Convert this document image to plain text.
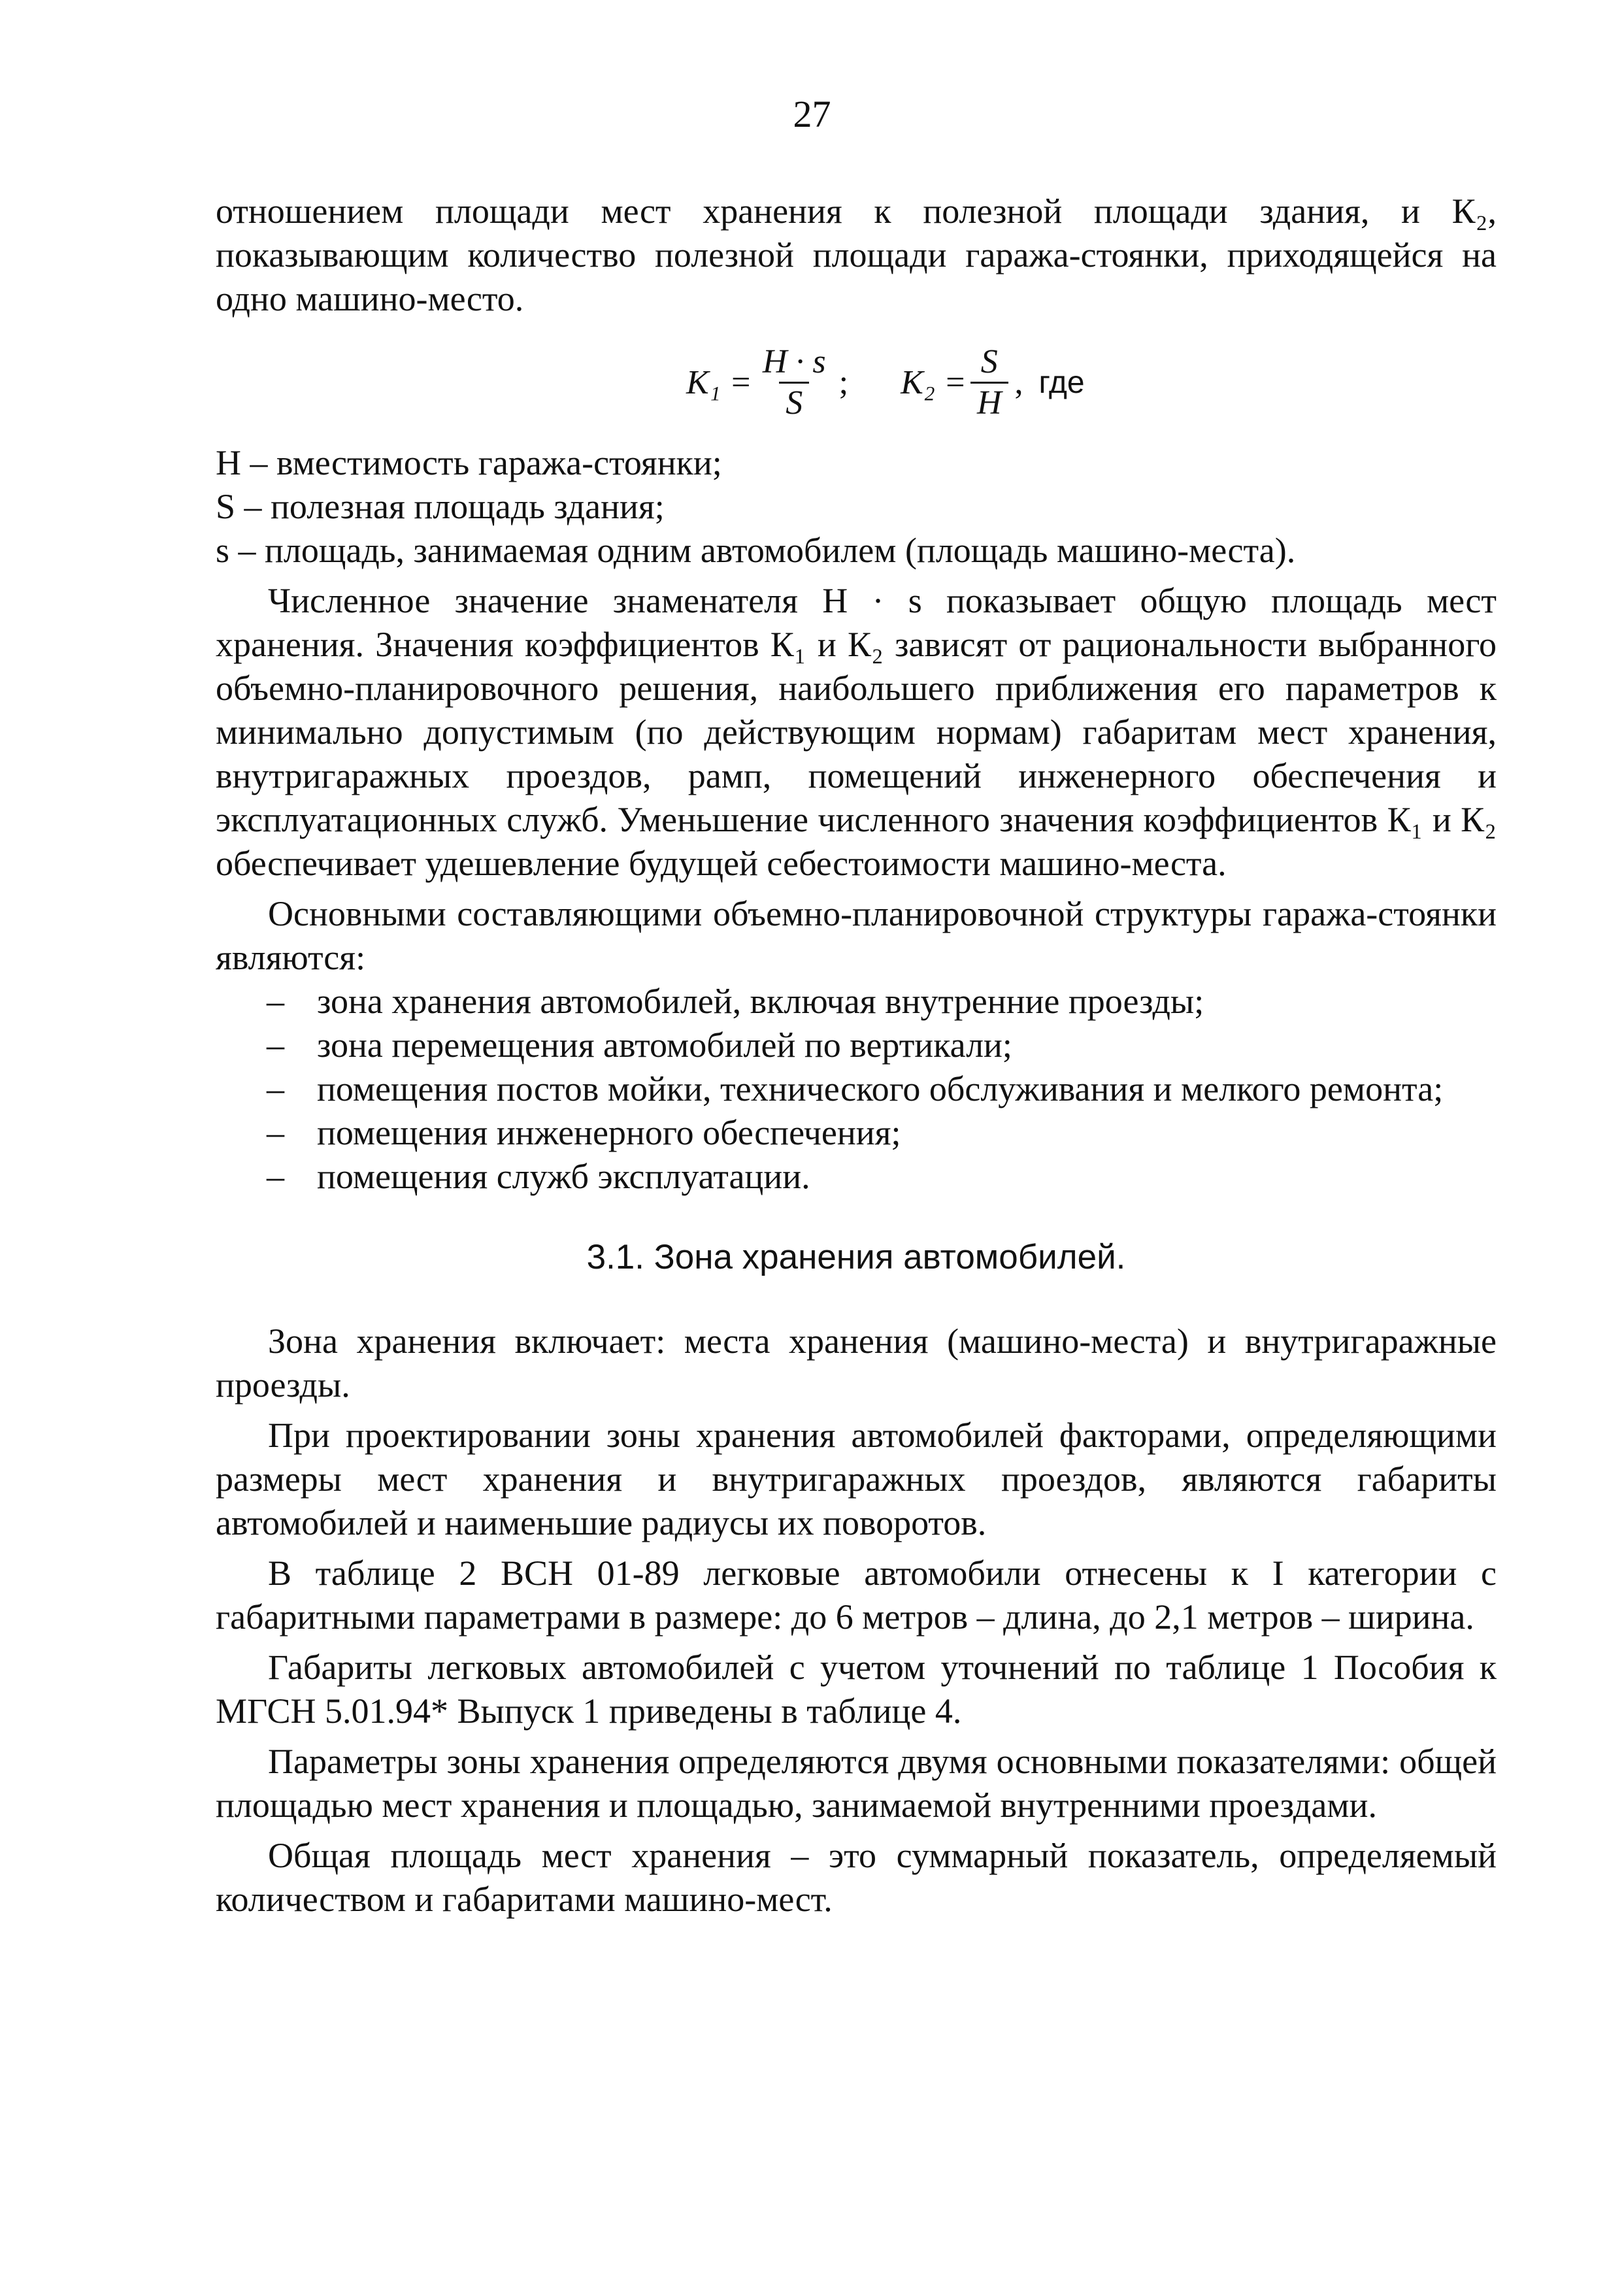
27

отношением площади мест хранения к полезной площади здания, и К₂, показывающим количество полезной площади гаража-стоянки, приходящейся на одно машино-место.

$K_1 = \frac{H \cdot s}{S}$ ; $K_2 = \frac{S}{H}$ , где

Н – вместимость гаража-стоянки;

S – полезная площадь здания;

s – площадь, занимаемая одним автомобилем (площадь машино-места).

Численное значение знаменателя H · s показывает общую площадь мест хранения. Значения коэффициентов К₁ и К₂ зависят от рациональности выбранного объемно-планировочного решения, наибольшего приближения его параметров к минимально допустимым (по действующим нормам) габаритам мест хранения, внутригаражных проездов, рамп, помещений инженерного обеспечения и эксплуатационных служб. Уменьшение численного значения коэффициентов К₁ и К₂ обеспечивает удешевление будущей себестоимости машино-места.

Основными составляющими объемно-планировочной структуры гаража-стоянки являются:

– зона хранения автомобилей, включая внутренние проезды;
– зона перемещения автомобилей по вертикали;
– помещения постов мойки, технического обслуживания и мелкого ремонта;
– помещения инженерного обеспечения;
– помещения служб эксплуатации.
3.1. Зона хранения автомобилей.

Зона хранения включает: места хранения (машино-места) и внутригаражные проезды.

При проектировании зоны хранения автомобилей факторами, определяющими размеры мест хранения и внутригаражных проездов, являются габариты автомобилей и наименьшие радиусы их поворотов.

В таблице 2 ВСН 01-89 легковые автомобили отнесены к I категории с габаритными параметрами в размере: до 6 метров – длина, до 2,1 метров – ширина.

Габариты легковых автомобилей с учетом уточнений по таблице 1 Пособия к МГСН 5.01.94* Выпуск 1 приведены в таблице 4.

Параметры зоны хранения определяются двумя основными показателями: общей площадью мест хранения и площадью, занимаемой внутренними проездами.

Общая площадь мест хранения – это суммарный показатель, определяемый количеством и габаритами машино-мест.
